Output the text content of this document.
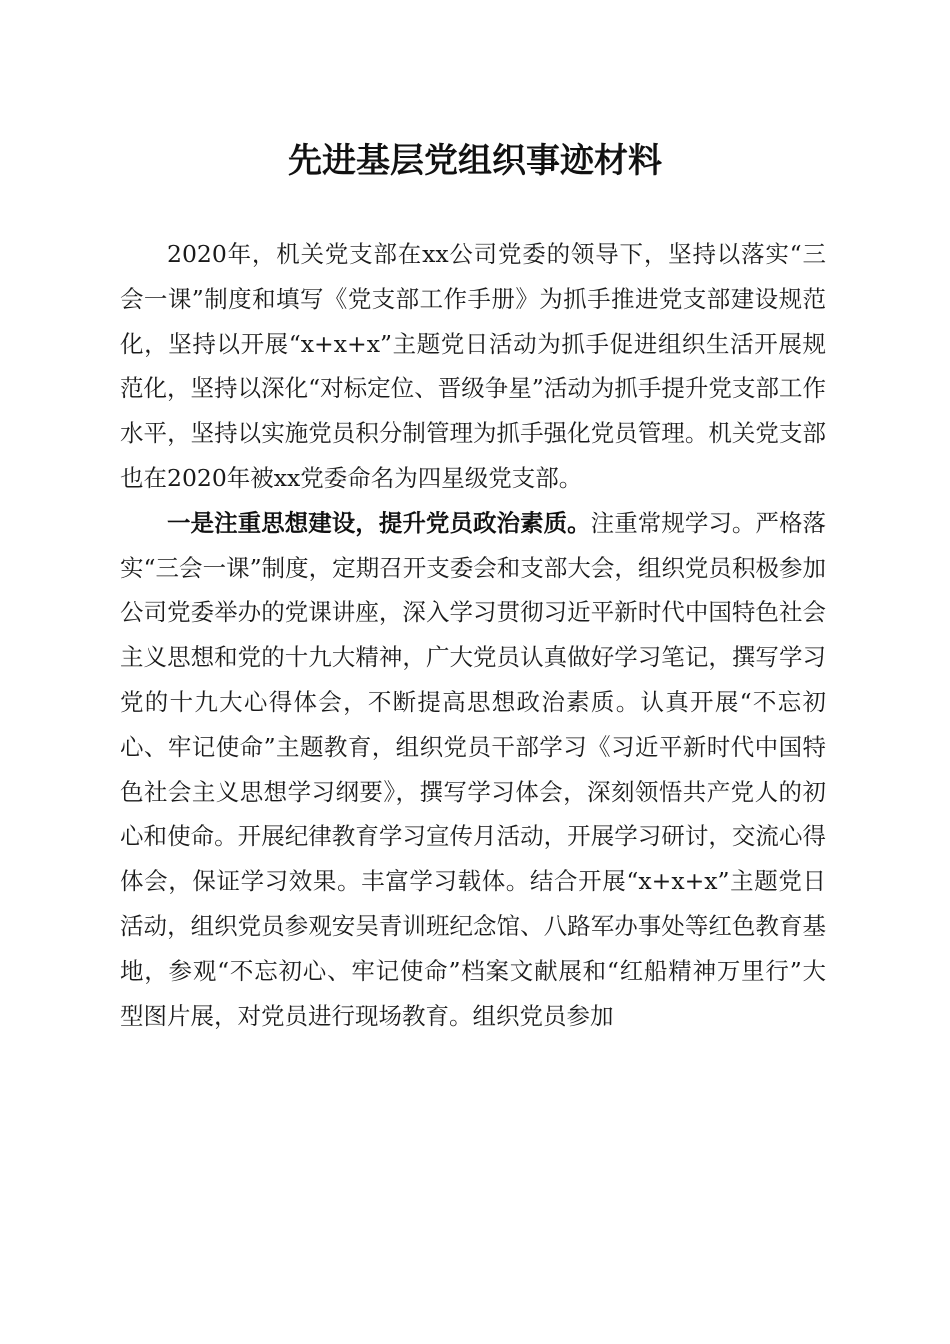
先进基层党组织事迹材料

2020年，机关党支部在xx公司党委的领导下，坚持以落实“三会一课”制度和填写《党支部工作手册》为抓手推进党支部建设规范化，坚持以开展“x+x+x”主题党日活动为抓手促进组织生活开展规范化，坚持以深化“对标定位、晋级争星”活动为抓手提升党支部工作水平，坚持以实施党员积分制管理为抓手强化党员管理。机关党支部也在2020年被xx党委命名为四星级党支部。

一是注重思想建设，提升党员政治素质。注重常规学习。严格落实“三会一课”制度，定期召开支委会和支部大会，组织党员积极参加公司党委举办的党课讲座，深入学习贯彻习近平新时代中国特色社会主义思想和党的十九大精神，广大党员认真做好学习笔记，撰写学习党的十九大心得体会，不断提高思想政治素质。认真开展“不忘初心、牢记使命”主题教育，组织党员干部学习《习近平新时代中国特色社会主义思想学习纲要》，撰写学习体会，深刻领悟共产党人的初心和使命。开展纪律教育学习宣传月活动，开展学习研讨，交流心得体会，保证学习效果。丰富学习载体。结合开展“x+x+x”主题党日活动，组织党员参观安吴青训班纪念馆、八路军办事处等红色教育基地，参观“不忘初心、牢记使命”档案文献展和“红船精神万里行”大型图片展，对党员进行现场教育。组织党员参加
